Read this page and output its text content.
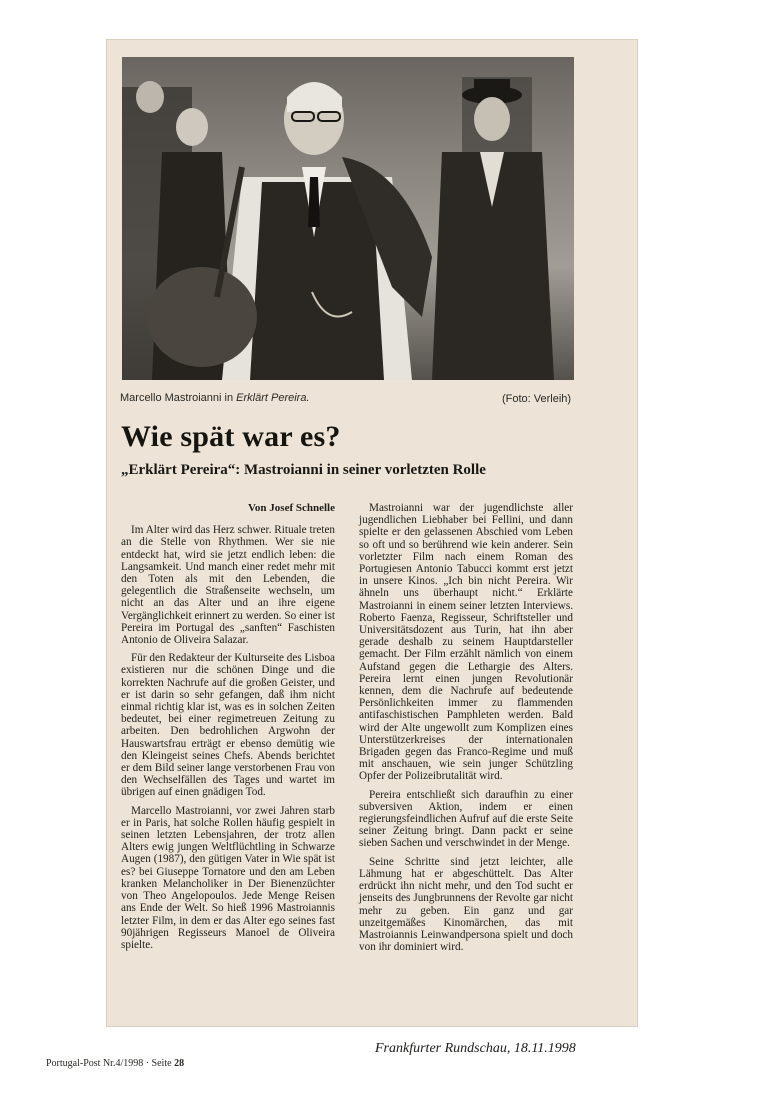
Marcello Mastroianni in Erklärt Pereira.	(Foto: Verleih)
Wie spät war es?
„Erklärt Pereira“: Mastroianni in seiner vorletzten Rolle
Von Josef Schnelle

Im Alter wird das Herz schwer. Rituale treten an die Stelle von Rhythmen. Wer sie nie entdeckt hat, wird sie jetzt endlich leben: die Langsamkeit. Und manch einer redet mehr mit den Toten als mit den Lebenden, die gelegentlich die Straßenseite wechseln, um nicht an das Alter und an ihre eigene Vergänglichkeit erinnert zu werden. So einer ist Pereira im Portugal des „sanften“ Faschisten Antonio de Oliveira Salazar.

Für den Redakteur der Kulturseite des Lisboa existieren nur die schönen Dinge und die korrekten Nachrufe auf die großen Geister, und er ist darin so sehr gefangen, daß ihm nicht einmal richtig klar ist, was es in solchen Zeiten bedeutet, bei einer regimetreuen Zeitung zu arbeiten. Den bedrohlichen Argwohn der Hauswartsfrau erträgt er ebenso demütig wie den Kleingeist seines Chefs. Abends berichtet er dem Bild seiner lange verstorbenen Frau von den Wechselfällen des Tages und wartet im übrigen auf einen gnädigen Tod.

Marcello Mastroianni, vor zwei Jahren starb er in Paris, hat solche Rollen häufig gespielt in seinen letzten Lebensjahren, der trotz allen Alters ewig jungen Weltflüchtling in Schwarze Augen (1987), den gütigen Vater in Wie spät ist es? bei Giuseppe Tornatore und den am Leben kranken Melancholiker in Der Bienenzüchter von Theo Angelopoulos. Jede Menge Reisen ans Ende der Welt. So hieß 1996 Mastroiannis letzter Film, in dem er das Alter ego seines fast 90jährigen Regisseurs Manoel de Oliveira spielte.

Mastroianni war der jugendlichste aller jugendlichen Liebhaber bei Fellini, und dann spielte er den gelassenen Abschied vom Leben so oft und so berührend wie kein anderer. Sein vorletzter Film nach einem Roman des Portugiesen Antonio Tabucci kommt erst jetzt in unsere Kinos. „Ich bin nicht Pereira. Wir ähneln uns überhaupt nicht.“ Erklärte Mastroianni in einem seiner letzten Interviews. Roberto Faenza, Regisseur, Schriftsteller und Universitätsdozent aus Turin, hat ihn aber gerade deshalb zu seinem Hauptdarsteller gemacht. Der Film erzählt nämlich von einem Aufstand gegen die Lethargie des Alters. Pereira lernt einen jungen Revolutionär kennen, dem die Nachrufe auf bedeutende Persönlichkeiten immer zu flammenden antifaschistischen Pamphleten werden. Bald wird der Alte ungewollt zum Komplizen eines Unterstützerkreises der internationalen Brigaden gegen das Franco-Regime und muß mit anschauen, wie sein junger Schützling Opfer der Polizeibrutalität wird.

Pereira entschließt sich daraufhin zu einer subversiven Aktion, indem er einen regierungsfeindlichen Aufruf auf die erste Seite seiner Zeitung bringt. Dann packt er seine sieben Sachen und verschwindet in der Menge.

Seine Schritte sind jetzt leichter, alle Lähmung hat er abgeschüttelt. Das Alter erdrückt ihn nicht mehr, und den Tod sucht er jenseits des Jungbrunnens der Revolte gar nicht mehr zu geben. Ein ganz und gar unzeitgemäßes Kinomärchen, das mit Mastroiannis Leinwandpersona spielt und doch von ihr dominiert wird.

Portugal-Post Nr.4/1998 · Seite 28
Frankfurter Rundschau, 18.11.1998
